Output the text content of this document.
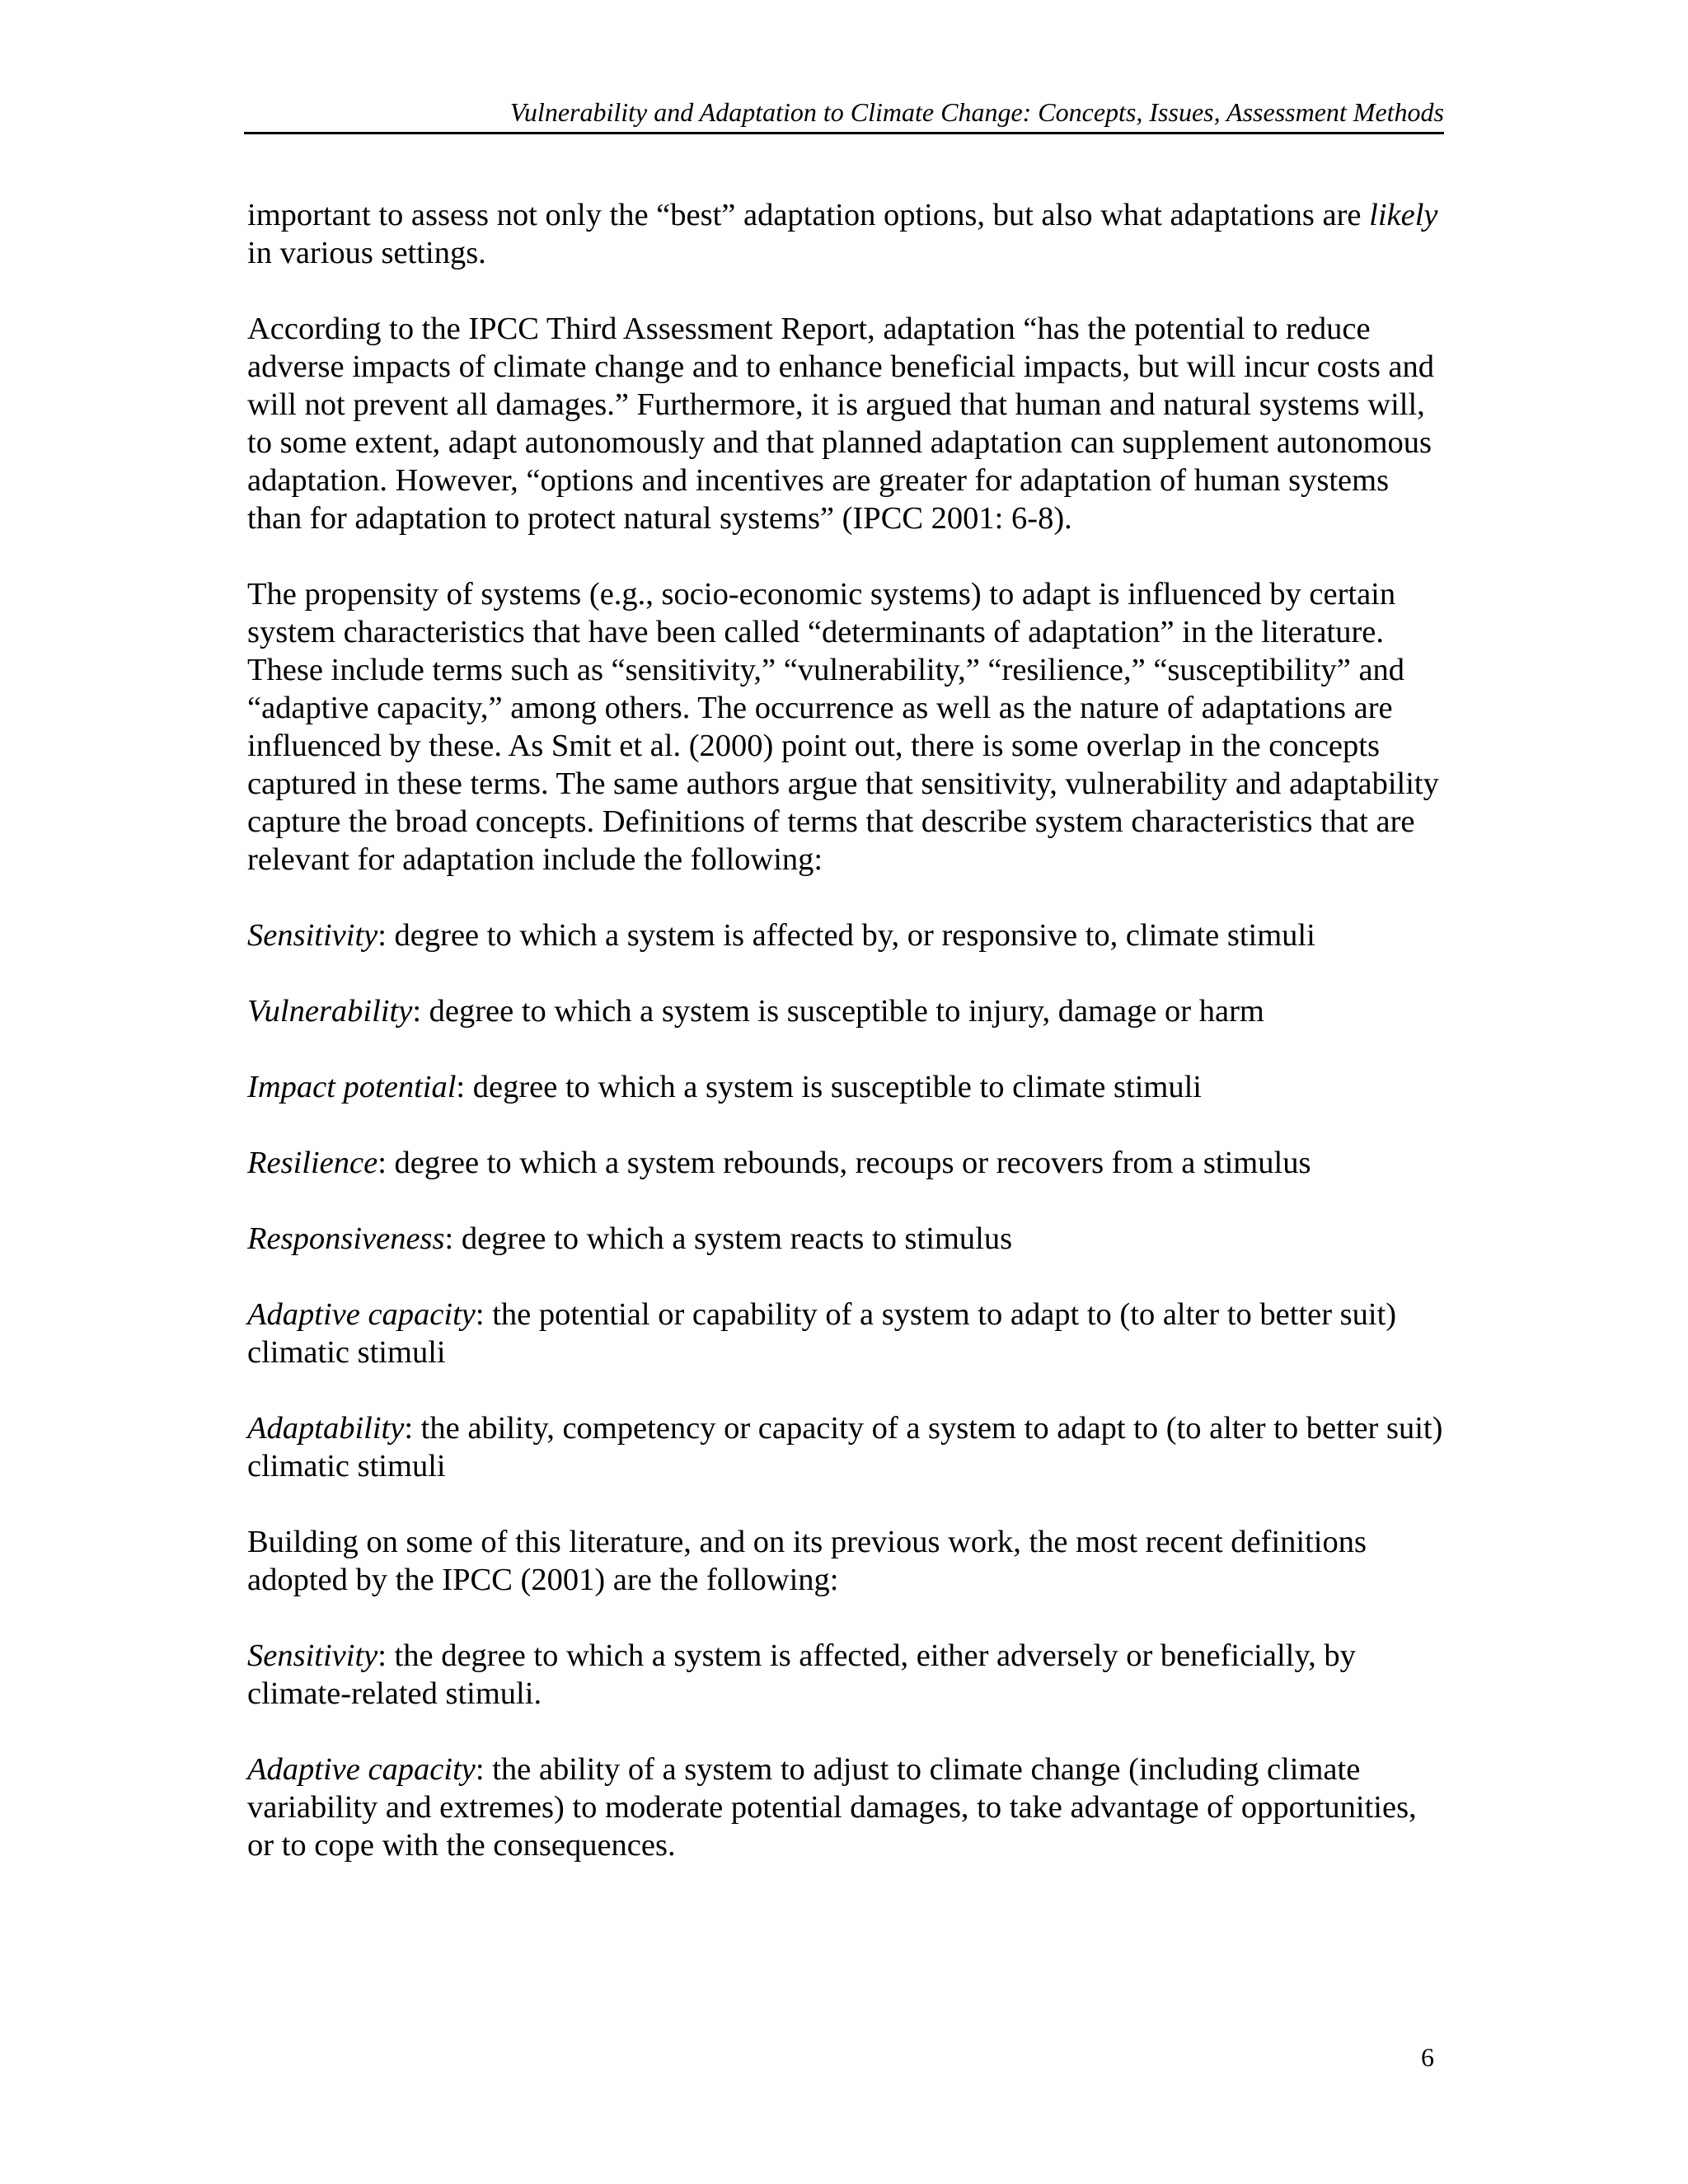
Vulnerability and Adaptation to Climate Change: Concepts, Issues, Assessment Methods

important to assess not only the “best” adaptation options, but also what adaptations are likely in various settings.

According to the IPCC Third Assessment Report, adaptation “has the potential to reduce adverse impacts of climate change and to enhance beneficial impacts, but will incur costs and will not prevent all damages.” Furthermore, it is argued that human and natural systems will, to some extent, adapt autonomously and that planned adaptation can supplement autonomous adaptation. However, “options and incentives are greater for adaptation of human systems than for adaptation to protect natural systems” (IPCC 2001: 6-8).

The propensity of systems (e.g., socio-economic systems) to adapt is influenced by certain system characteristics that have been called “determinants of adaptation” in the literature. These include terms such as “sensitivity,” “vulnerability,” “resilience,” “susceptibility” and “adaptive capacity,” among others. The occurrence as well as the nature of adaptations are influenced by these. As Smit et al. (2000) point out, there is some overlap in the concepts captured in these terms. The same authors argue that sensitivity, vulnerability and adaptability capture the broad concepts. Definitions of terms that describe system characteristics that are relevant for adaptation include the following:

Sensitivity: degree to which a system is affected by, or responsive to, climate stimuli

Vulnerability: degree to which a system is susceptible to injury, damage or harm

Impact potential: degree to which a system is susceptible to climate stimuli

Resilience: degree to which a system rebounds, recoups or recovers from a stimulus

Responsiveness: degree to which a system reacts to stimulus

Adaptive capacity: the potential or capability of a system to adapt to (to alter to better suit) climatic stimuli

Adaptability: the ability, competency or capacity of a system to adapt to (to alter to better suit) climatic stimuli

Building on some of this literature, and on its previous work, the most recent definitions adopted by the IPCC (2001) are the following:

Sensitivity: the degree to which a system is affected, either adversely or beneficially, by climate-related stimuli.

Adaptive capacity: the ability of a system to adjust to climate change (including climate variability and extremes) to moderate potential damages, to take advantage of opportunities, or to cope with the consequences.

6
